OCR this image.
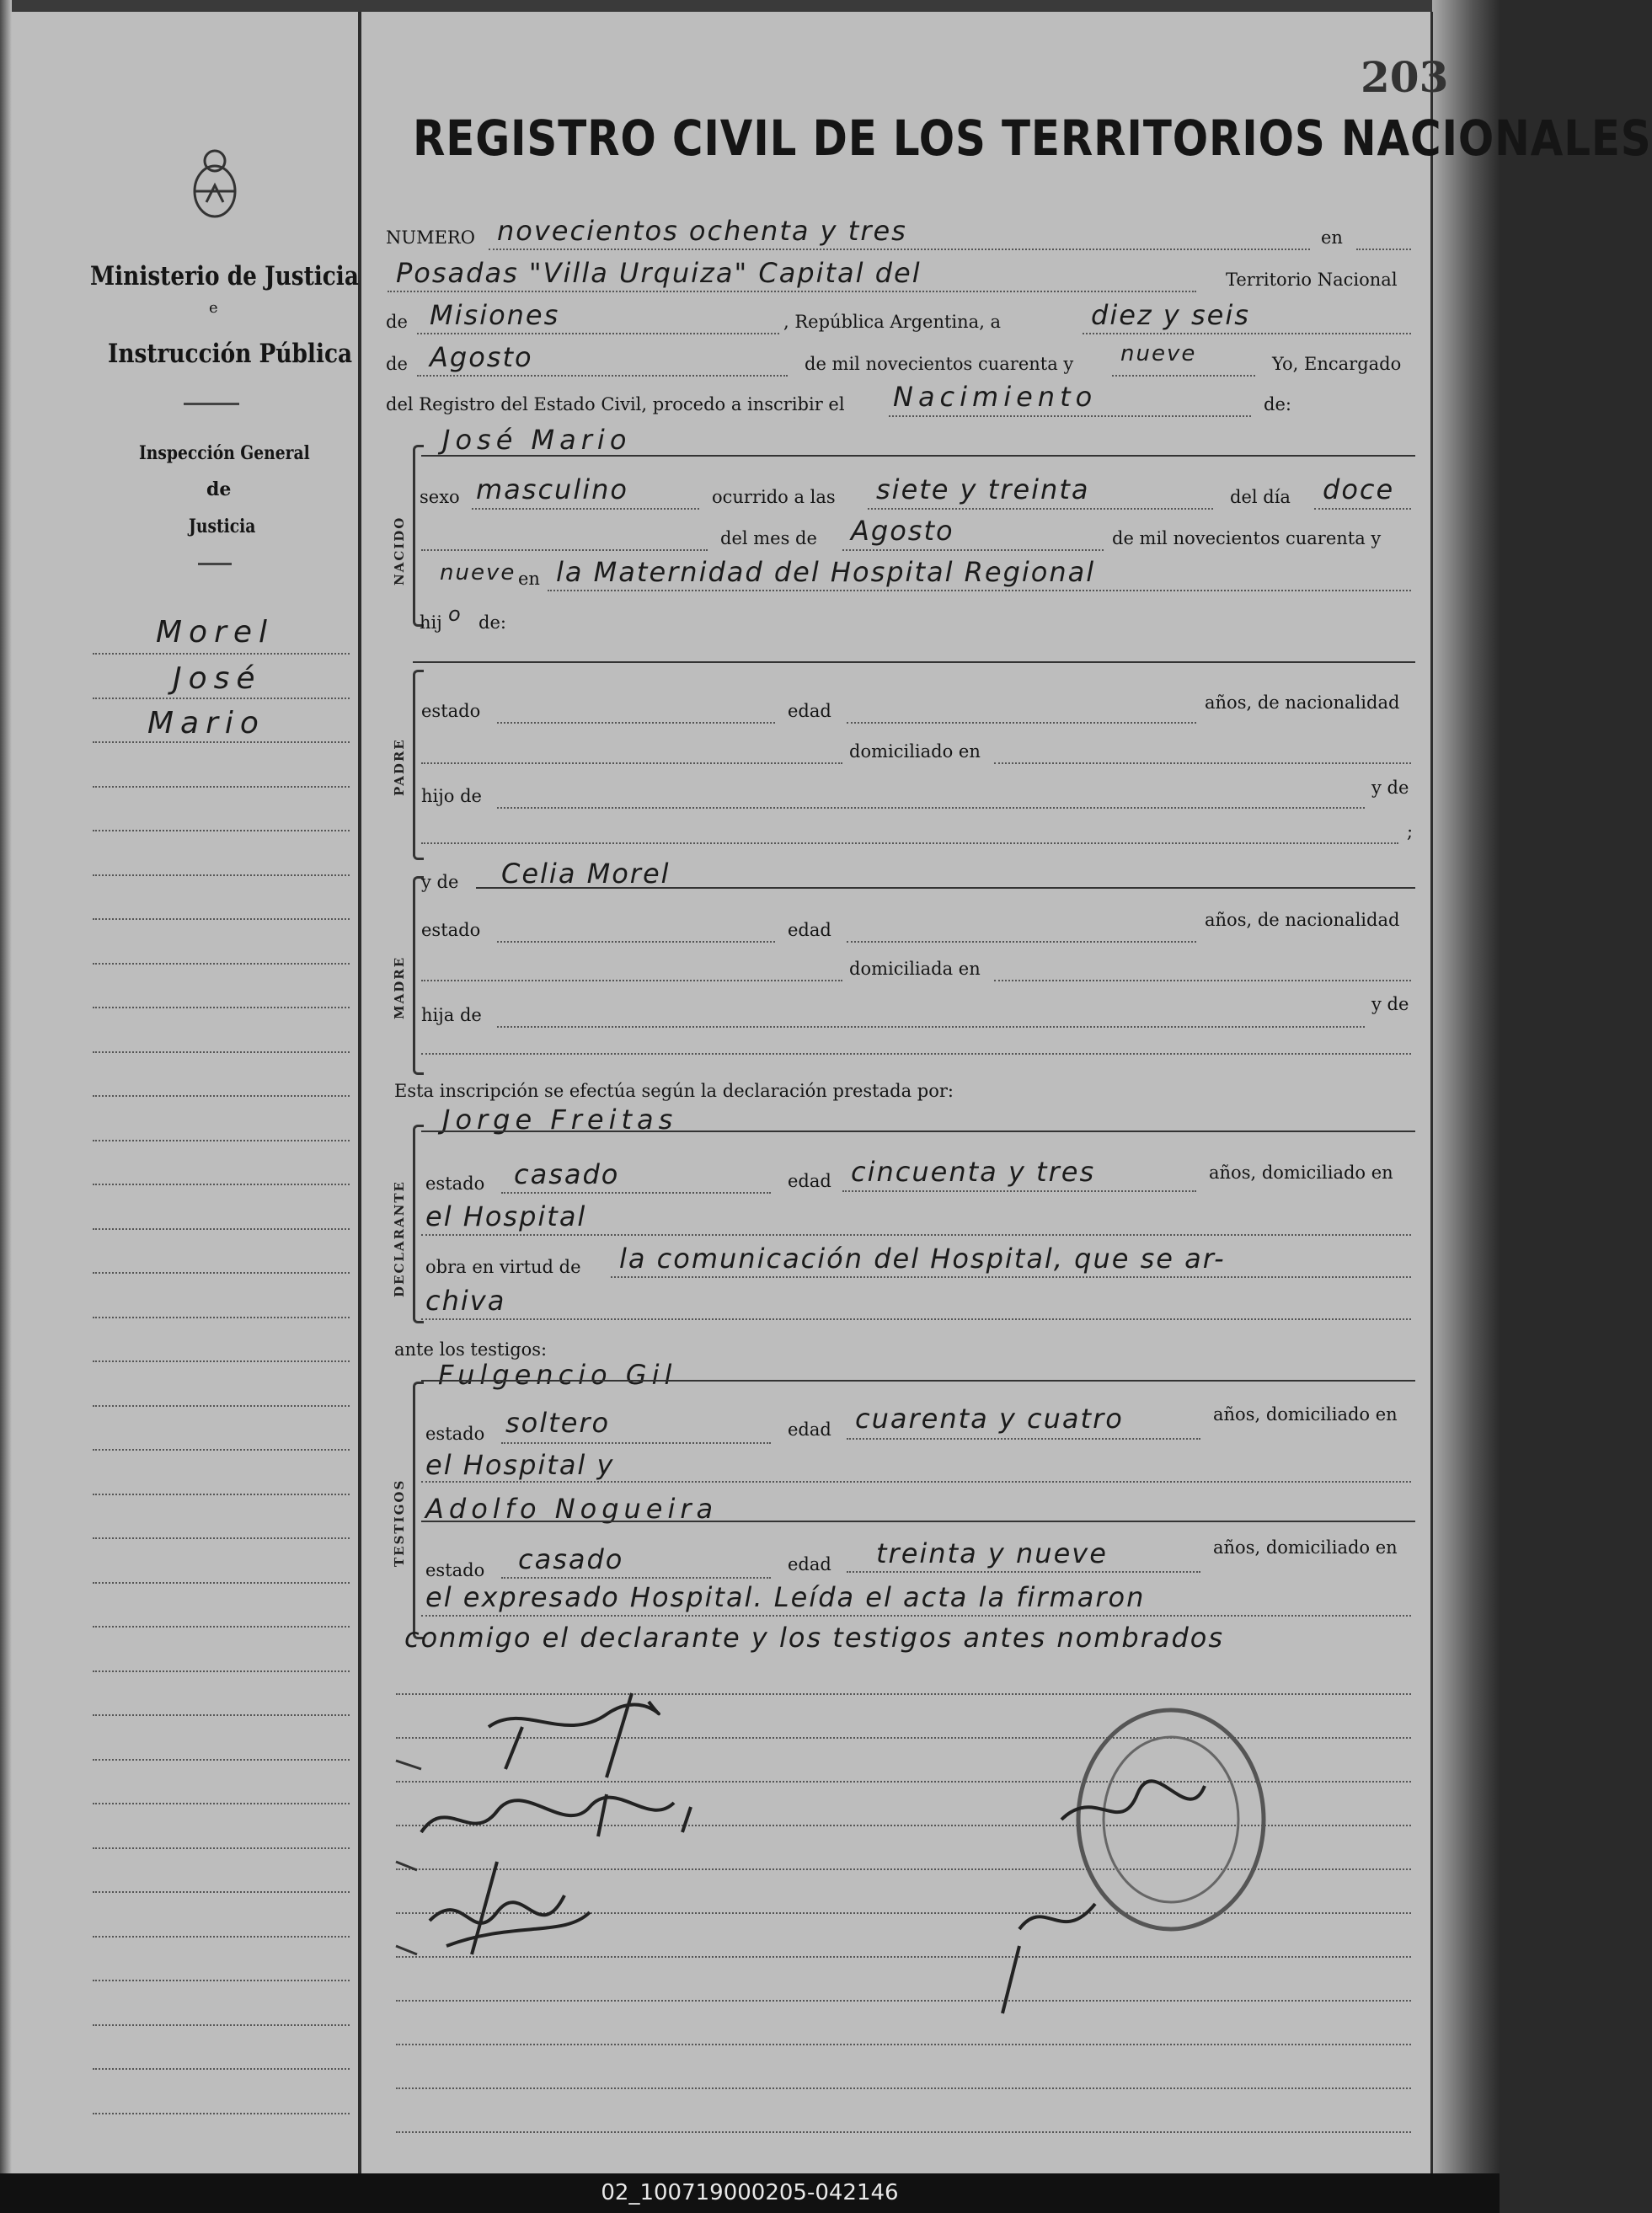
203
REGISTRO CIVIL DE LOS TERRITORIOS NACIONALES
Ministerio de Justicia
e
Instrucción Pública
Inspección General
de
Justicia
Morel
José
Mario
NUMERO novecientos ochenta y tres	en
Posadas "Villa Urquiza" Capital del	Territorio Nacional
de Misiones	, República Argentina, a	diez y seis
de Agosto	de mil novecientos cuarenta y nueve	Yo, Encargado
del Registro del Estado Civil, procedo a inscribir el Nacimiento	de:
NACIDO
José Mario
sexo masculino	ocurrido a las siete y treinta	del día doce
del mes de Agosto	de mil novecientos cuarenta y
nueve en la Maternidad del Hospital Regional
hij o de:
PADRE
estado	edad	años, de nacionalidad
domiciliado en
hijo de	y de
;
MADRE
y de Celia Morel
estado	edad	años, de nacionalidad
domiciliada en
hija de
y de
Esta inscripción se efectúa según la declaración prestada por:
DECLARANTE
Jorge Freitas
estado casado	edad cincuenta y tres	años, domiciliado en
el Hospital
obra en virtud de la comunicación del Hospital, que se ar-
chiva
ante los testigos:
TESTIGOS
Fulgencio Gil
estado soltero	edad cuarenta y cuatro	años, domiciliado en
el Hospital y
Adolfo Nogueira
estado casado	edad treinta y nueve	años, domiciliado en
el expresado Hospital. Leída el acta la firmaron
conmigo el declarante y los testigos antes nombrados
02_100719000205-042146
